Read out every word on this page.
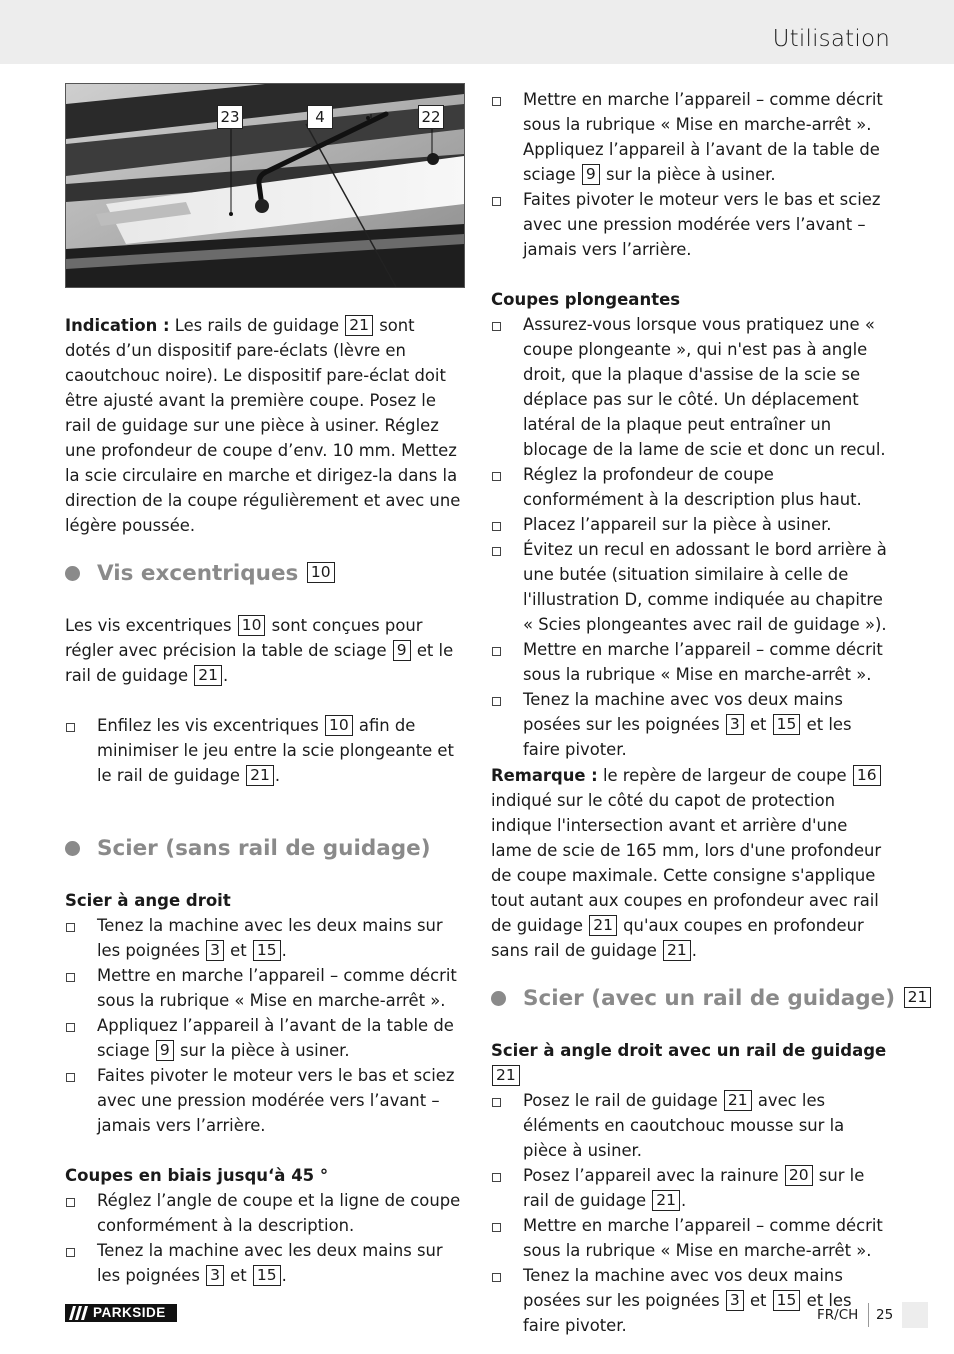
Utilisation
23	4	22

Indication : Les rails de guidage 21 sont dotés d’un dispositif pare-éclats (lèvre en caoutchouc noire). Le dispositif pare-éclat doit être ajusté avant la première coupe. Posez le rail de guidage sur une pièce à usiner. Réglez une profondeur de coupe d’env. 10 mm. Mettez la scie circulaire en marche et dirigez-la dans la direction de la coupe régulièrement et avec une légère poussée.

Vis excentriques 10

Les vis excentriques 10 sont conçues pour régler avec précision la table de sciage 9 et le rail de guidage 21 .

Enfilez les vis excentriques 10 afin de minimiser le jeu entre la scie plongeante et le rail de guidage 21 .
Scier (sans rail de guidage)

Scier à ange droit

Tenez la machine avec les deux mains sur les poignées 3 et 15 .
Mettre en marche l’appareil – comme décrit sous la rubrique « Mise en marche-arrêt ».
Appliquez l’appareil à l’avant de la table de sciage 9 sur la pièce à usiner.
Faites pivoter le moteur vers le bas et sciez avec une pression modérée vers l’avant – jamais vers l’arrière.

Coupes en biais jusqu‘à 45 °

Réglez l’angle de coupe et la ligne de coupe conformément à la description.
Tenez la machine avec les deux mains sur les poignées 3 et 15 .
Mettre en marche l’appareil – comme décrit sous la rubrique « Mise en marche-arrêt ». Appliquez l’appareil à l’avant de la table de sciage 9 sur la pièce à usiner.
Faites pivoter le moteur vers le bas et sciez avec une pression modérée vers l’avant – jamais vers l’arrière.

Coupes plongeantes

Assurez-vous lorsque vous pratiquez une « coupe plongeante », qui n'est pas à angle droit, que la plaque d'assise de la scie se déplace pas sur le côté. Un déplacement latéral de la plaque peut entraîner un blocage de la lame de scie et donc un recul.
Réglez la profondeur de coupe conformément à la description plus haut.
Placez l’appareil sur la pièce à usiner.
Évitez un recul en adossant le bord arrière à une butée (situation similaire à celle de l'illustration D, comme indiquée au chapitre « Scies plongeantes avec rail de guidage »).
Mettre en marche l’appareil – comme décrit sous la rubrique « Mise en marche-arrêt ».
Tenez la machine avec vos deux mains posées sur les poignées 3 et 15 et les faire pivoter.

Remarque : le repère de largeur de coupe 16 indiqué sur le côté du capot de protection indique l'intersection avant et arrière d'une lame de scie de 165 mm, lors d'une profondeur de coupe maximale. Cette consigne s'applique tout autant aux coupes en profondeur avec rail de guidage 21 qu'aux coupes en profondeur sans rail de guidage 21 .

Scier (avec un rail de guidage) 21

Scier à angle droit avec un rail de guidage 21

Posez le rail de guidage 21 avec les éléments en caoutchouc mousse sur la pièce à usiner.
Posez l’appareil avec la rainure 20 sur le rail de guidage 21 .
Mettre en marche l’appareil – comme décrit sous la rubrique « Mise en marche-arrêt ».
Tenez la machine avec vos deux mains posées sur les poignées 3 et 15 et les faire pivoter.
PARKSIDE	FR/CH 25
